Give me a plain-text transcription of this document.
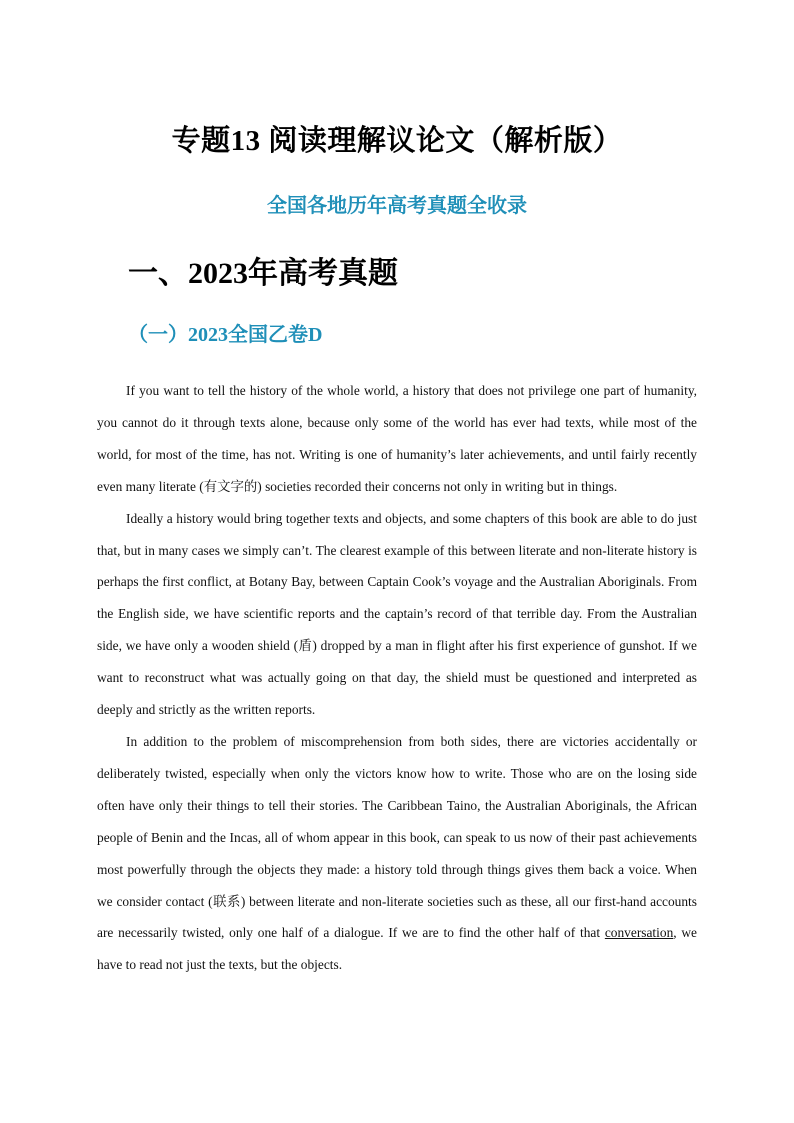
专题13 阅读理解议论文（解析版）
全国各地历年高考真题全收录
一、2023年高考真题
（一）2023全国乙卷D

If you want to tell the history of the whole world, a history that does not privilege one part of humanity, you cannot do it through texts alone, because only some of the world has ever had texts, while most of the world, for most of the time, has not. Writing is one of humanity’s later achievements, and until fairly recently even many literate (有文字的) societies recorded their concerns not only in writing but in things.

Ideally a history would bring together texts and objects, and some chapters of this book are able to do just that, but in many cases we simply can’t. The clearest example of this between literate and non-literate history is perhaps the first conflict, at Botany Bay, between Captain Cook’s voyage and the Australian Aboriginals. From the English side, we have scientific reports and the captain’s record of that terrible day. From the Australian side, we have only a wooden shield (盾) dropped by a man in flight after his first experience of gunshot. If we want to reconstruct what was actually going on that day, the shield must be questioned and interpreted as deeply and strictly as the written reports.

In addition to the problem of miscomprehension from both sides, there are victories accidentally or deliberately twisted, especially when only the victors know how to write. Those who are on the losing side often have only their things to tell their stories. The Caribbean Taino, the Australian Aboriginals, the African people of Benin and the Incas, all of whom appear in this book, can speak to us now of their past achievements most powerfully through the objects they made: a history told through things gives them back a voice. When we consider contact (联系) between literate and non-literate societies such as these, all our first-hand accounts are necessarily twisted, only one half of a dialogue. If we are to find the other half of that conversation, we have to read not just the texts, but the objects.
